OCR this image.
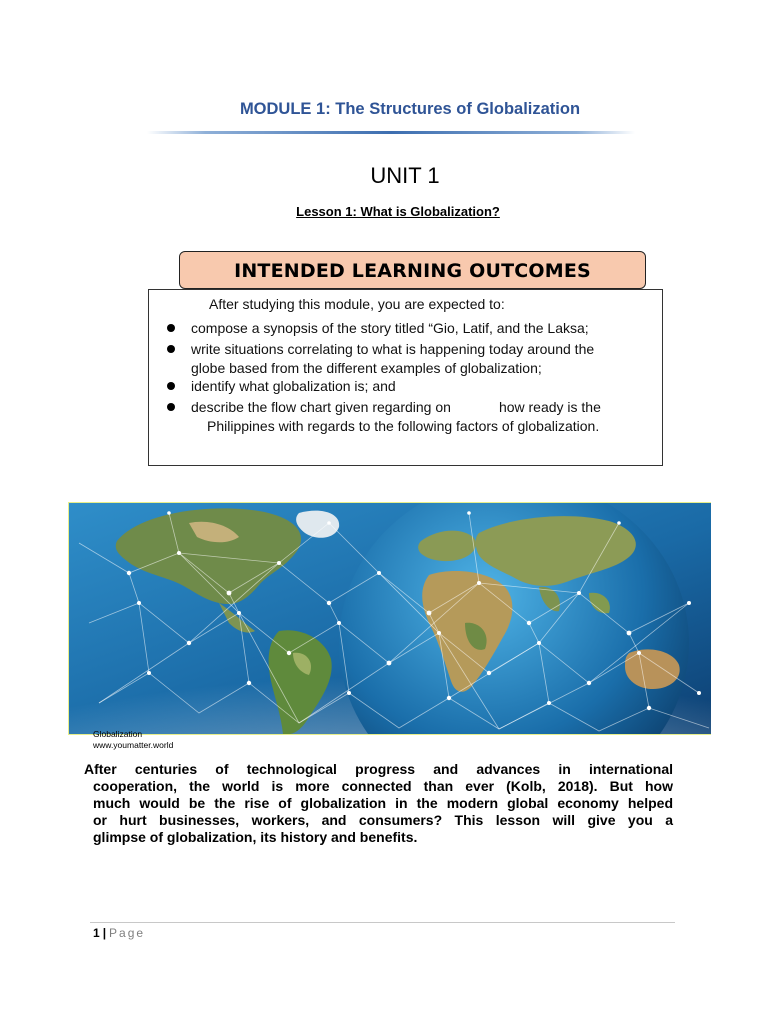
MODULE 1: The Structures of Globalization
UNIT 1
Lesson 1: What is Globalization?
INTENDED LEARNING OUTCOMES
After studying this module, you are expected to:
compose a synopsis of the story titled “Gio, Latif, and the Laksa;
write situations correlating to what is happening today around the
globe based from the different examples of globalization;
identify what globalization is; and
describe the flow chart given regarding on	how ready is the

Philippines with regards to the following factors of globalization.
Globalization
www.youmatter.world
After centuries of technological progress and advances in international
cooperation, the world is more connected than ever (Kolb, 2018). But how
much would be the rise of globalization in the modern global economy helped
or hurt businesses, workers, and consumers? This lesson will give you a
glimpse of globalization, its history and benefits.
1 | Page
